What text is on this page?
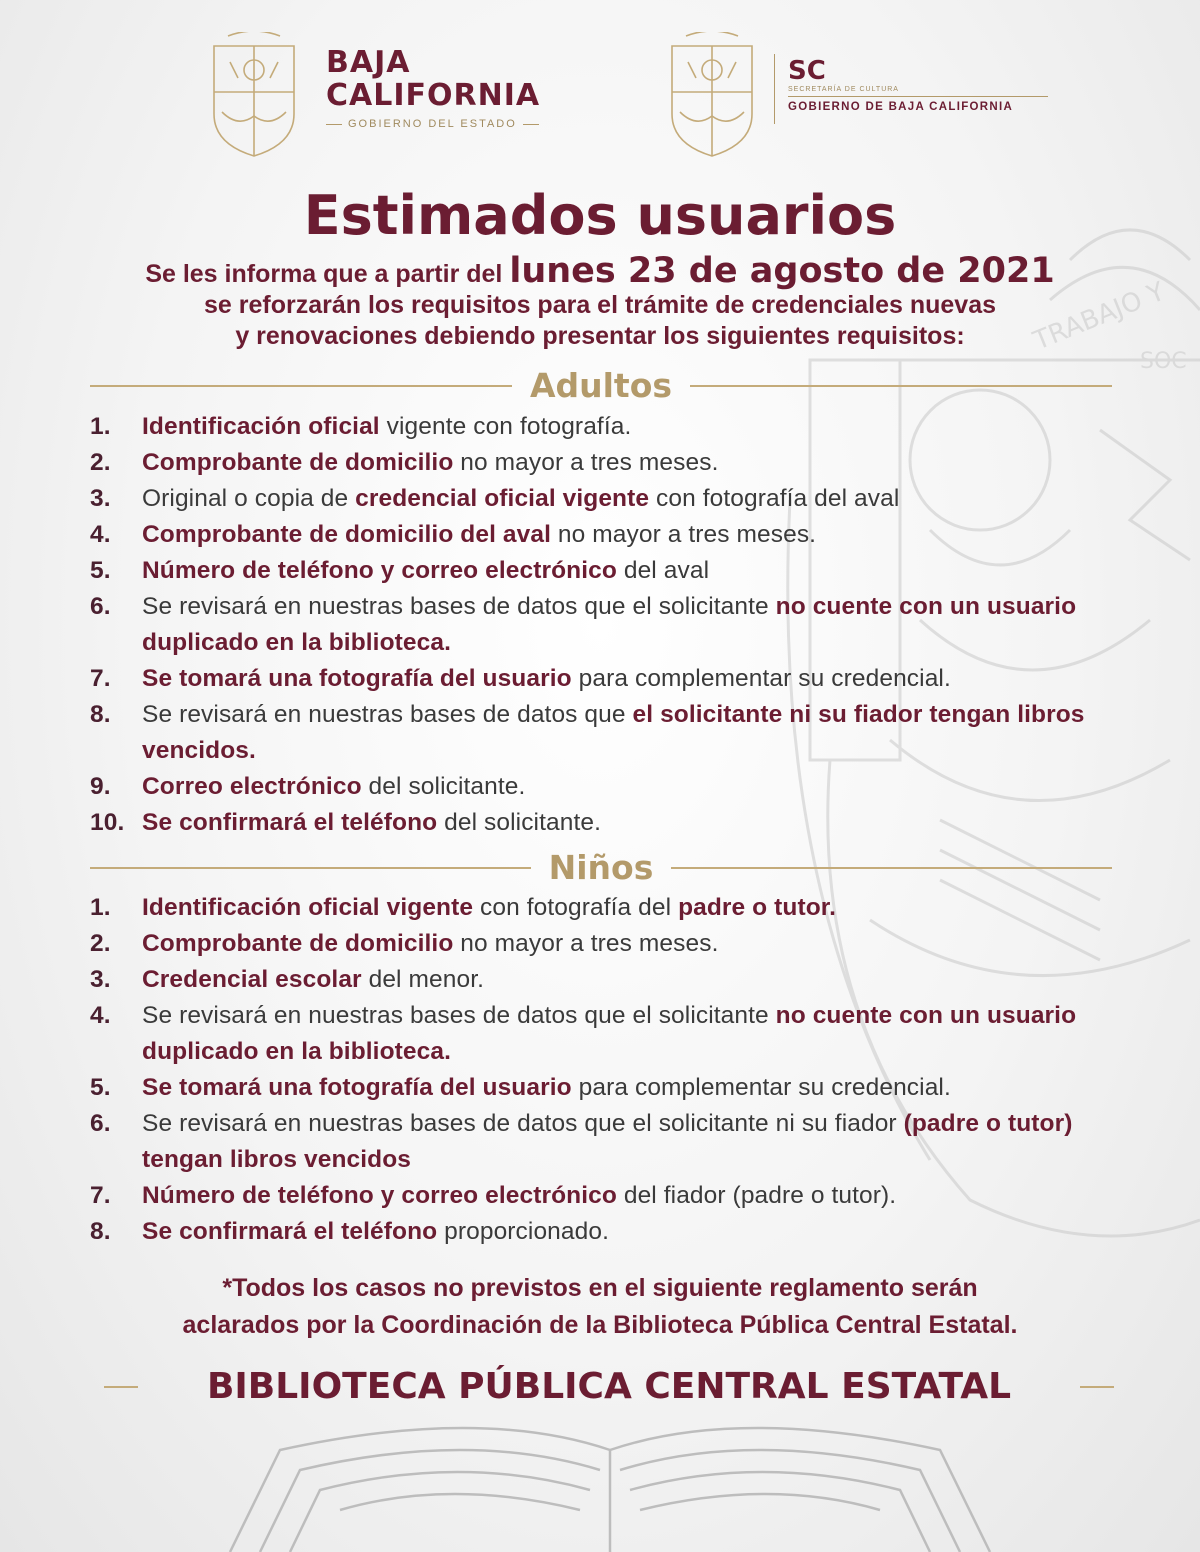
TRABAJO Y
SOC
BAJA
CALIFORNIA
GOBIERNO DEL ESTADO
SC
SECRETARÍA DE CULTURA
GOBIERNO DE BAJA CALIFORNIA
Estimados usuarios
Se les informa que a partir del lunes 23 de agosto de 2021
se reforzarán los requisitos para el trámite de credenciales nuevas
y renovaciones debiendo presentar los siguientes requisitos:
Adultos
1.	Identificación oficial vigente con fotografía.
2.	Comprobante de domicilio no mayor a tres meses.
3.	Original o copia de credencial oficial vigente con fotografía del aval
4.	Comprobante de domicilio del aval no mayor a tres meses.
5.	Número de teléfono y correo electrónico del aval
6.	Se revisará en nuestras bases de datos que el solicitante no cuente con un usuario duplicado en la biblioteca.
7.	Se tomará una fotografía del usuario para complementar su credencial.
8.	Se revisará en nuestras bases de datos que el solicitante ni su fiador tengan libros vencidos.
9.	Correo electrónico del solicitante.
10. Se confirmará el teléfono del solicitante.
Niños
1.	Identificación oficial vigente con fotografía del padre o tutor.
2.	Comprobante de domicilio no mayor a tres meses.
3.	Credencial escolar del menor.
4.	Se revisará en nuestras bases de datos que el solicitante no cuente con un usuario duplicado en la biblioteca.
5.	Se tomará una fotografía del usuario para complementar su credencial.
6.	Se revisará en nuestras bases de datos que el solicitante ni su fiador (padre o tutor) tengan libros vencidos
7.	Número de teléfono y correo electrónico del fiador (padre o tutor).
8.	Se confirmará el teléfono proporcionado.
*Todos los casos no previstos en el siguiente reglamento serán
aclarados por la Coordinación de la Biblioteca Pública Central Estatal.
BIBLIOTECA PÚBLICA CENTRAL ESTATAL
